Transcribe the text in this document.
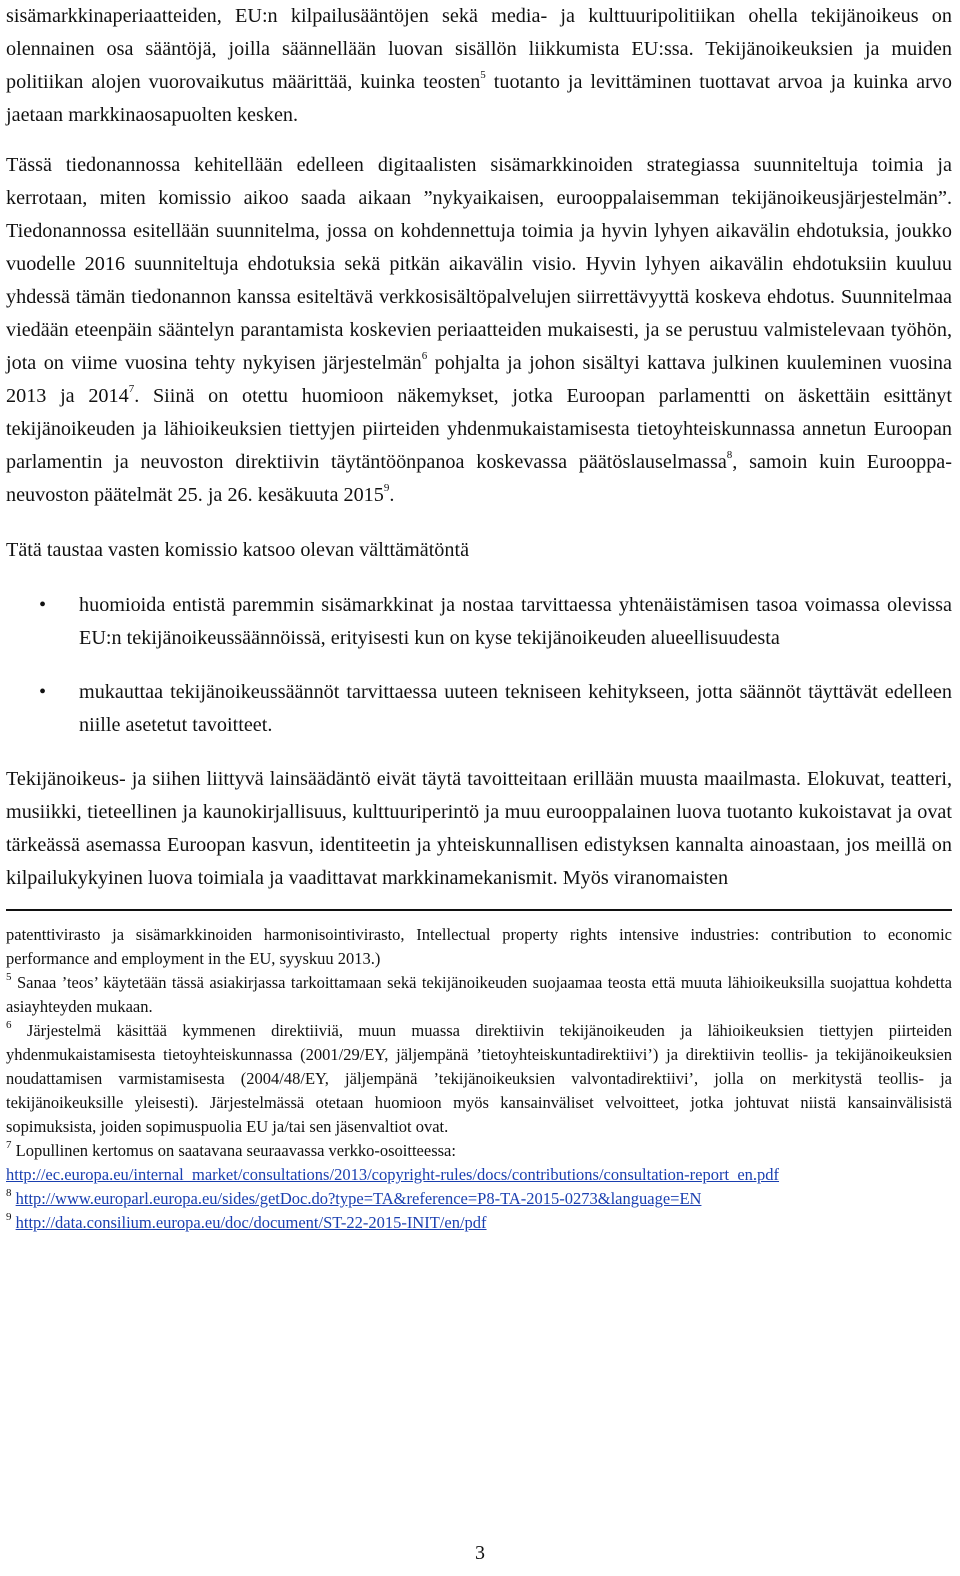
sisämarkkinaperiaatteiden, EU:n kilpailusääntöjen sekä media- ja kulttuuripolitiikan ohella tekijänoikeus on olennainen osa sääntöjä, joilla säännellään luovan sisällön liikkumista EU:ssa. Tekijänoikeuksien ja muiden politiikan alojen vuorovaikutus määrittää, kuinka teosten$^5$ tuotanto ja levittäminen tuottavat arvoa ja kuinka arvo jaetaan markkinaosapuolten kesken.

Tässä tiedonannossa kehitellään edelleen digitaalisten sisämarkkinoiden strategiassa suunniteltuja toimia ja kerrotaan, miten komissio aikoo saada aikaan ”nykyaikaisen, eurooppalaisemman tekijänoikeusjärjestelmän”. Tiedonannossa esitellään suunnitelma, jossa on kohdennettuja toimia ja hyvin lyhyen aikavälin ehdotuksia, joukko vuodelle 2016 suunniteltuja ehdotuksia sekä pitkän aikavälin visio. Hyvin lyhyen aikavälin ehdotuksiin kuuluu yhdessä tämän tiedonannon kanssa esiteltävä verkkosisältöpalvelujen siirrettävyyttä koskeva ehdotus. Suunnitelmaa viedään eteenpäin sääntelyn parantamista koskevien periaatteiden mukaisesti, ja se perustuu valmistelevaan työhön, jota on viime vuosina tehty nykyisen järjestelmän$^6$ pohjalta ja johon sisältyi kattava julkinen kuuleminen vuosina 2013 ja 2014$^7$. Siinä on otettu huomioon näkemykset, jotka Euroopan parlamentti on äskettäin esittänyt tekijänoikeuden ja lähioikeuksien tiettyjen piirteiden yhdenmukaistamisesta tietoyhteiskunnassa annetun Euroopan parlamentin ja neuvoston direktiivin täytäntöönpanoa koskevassa päätöslauselmassa$^8$, samoin kuin Eurooppa-neuvoston päätelmät 25. ja 26. kesäkuuta 2015$^9$.

Tätä taustaa vasten komissio katsoo olevan välttämätöntä

• huomioida entistä paremmin sisämarkkinat ja nostaa tarvittaessa yhtenäistämisen tasoa voimassa olevissa EU:n tekijänoikeussäännöissä, erityisesti kun on kyse tekijänoikeuden alueellisuudesta
• mukauttaa tekijänoikeussäännöt tarvittaessa uuteen tekniseen kehitykseen, jotta säännöt täyttävät edelleen niille asetetut tavoitteet.

Tekijänoikeus- ja siihen liittyvä lainsäädäntö eivät täytä tavoitteitaan erillään muusta maailmasta. Elokuvat, teatteri, musiikki, tieteellinen ja kaunokirjallisuus, kulttuuriperintö ja muu eurooppalainen luova tuotanto kukoistavat ja ovat tärkeässä asemassa Euroopan kasvun, identiteetin ja yhteiskunnallisen edistyksen kannalta ainoastaan, jos meillä on kilpailukykyinen luova toimiala ja vaadittavat markkinamekanismit. Myös viranomaisten

patenttivirasto ja sisämarkkinoiden harmonisointivirasto, Intellectual property rights intensive industries: contribution to economic performance and employment in the EU, syyskuu 2013.)

$^5$ Sanaa ’teos’ käytetään tässä asiakirjassa tarkoittamaan sekä tekijänoikeuden suojaamaa teosta että muuta lähioikeuksilla suojattua kohdetta asiayhteyden mukaan.

$^6$ Järjestelmä käsittää kymmenen direktiiviä, muun muassa direktiivin tekijänoikeuden ja lähioikeuksien tiettyjen piirteiden yhdenmukaistamisesta tietoyhteiskunnassa (2001/29/EY, jäljempänä ’tietoyhteiskuntadirektiivi’) ja direktiivin teollis- ja tekijänoikeuksien noudattamisen varmistamisesta (2004/48/EY, jäljempänä ’tekijänoikeuksien valvontadirektiivi’, jolla on merkitystä teollis- ja tekijänoikeuksille yleisesti). Järjestelmässä otetaan huomioon myös kansainväliset velvoitteet, jotka johtuvat niistä kansainvälisistä sopimuksista, joiden sopimuspuolia EU ja/tai sen jäsenvaltiot ovat.

$^7$ Lopullinen kertomus on saatavana seuraavassa verkko-osoitteessa:
http://ec.europa.eu/internal_market/consultations/2013/copyright-rules/docs/contributions/consultation-report_en.pdf

$^8$ http://www.europarl.europa.eu/sides/getDoc.do?type=TA&reference=P8-TA-2015-0273&language=EN

$^9$ http://data.consilium.europa.eu/doc/document/ST-22-2015-INIT/en/pdf

3
